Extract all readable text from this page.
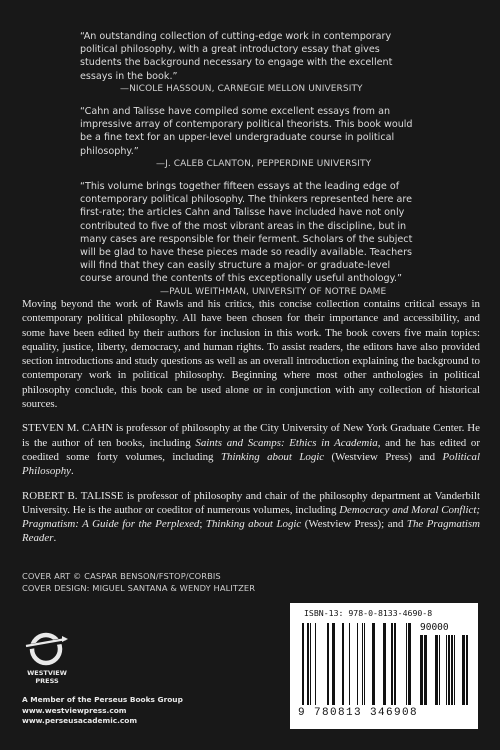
“An outstanding collection of cutting-edge work in contemporary political philosophy, with a great introductory essay that gives students the background necessary to engage with the excellent essays in the book.”
—NICOLE HASSOUN, CARNEGIE MELLON UNIVERSITY
“Cahn and Talisse have compiled some excellent essays from an impressive array of contemporary political theorists. This book would be a fine text for an upper-level undergraduate course in political philosophy.”
—J. CALEB CLANTON, PEPPERDINE UNIVERSITY
“This volume brings together fifteen essays at the leading edge of contemporary political philosophy. The thinkers represented here are first-rate; the articles Cahn and Talisse have included have not only contributed to five of the most vibrant areas in the discipline, but in many cases are responsible for their ferment. Scholars of the subject will be glad to have these pieces made so readily available. Teachers will find that they can easily structure a major- or graduate-level course around the contents of this exceptionally useful anthology.”
—PAUL WEITHMAN, UNIVERSITY OF NOTRE DAME

Moving beyond the work of Rawls and his critics, this concise collection contains critical essays in contemporary political philosophy. All have been chosen for their importance and accessibility, and some have been edited by their authors for inclusion in this work. The book covers five main topics: equality, justice, liberty, democracy, and human rights. To assist readers, the editors have also provided section introductions and study questions as well as an overall introduction explaining the background to contemporary work in political philosophy. Beginning where most other anthologies in political philosophy conclude, this book can be used alone or in conjunction with any collection of historical sources.

STEVEN M. CAHN is professor of philosophy at the City University of New York Graduate Center. He is the author of ten books, including Saints and Scamps: Ethics in Academia, and he has edited or coedited some forty volumes, including Thinking about Logic (Westview Press) and Political Philosophy.

ROBERT B. TALISSE is professor of philosophy and chair of the philosophy department at Vanderbilt University. He is the author or coeditor of numerous volumes, including Democracy and Moral Conflict; Pragmatism: A Guide for the Perplexed; Thinking about Logic (Westview Press); and The Pragmatism Reader.

COVER ART © CASPAR BENSON/FSTOP/CORBIS
COVER DESIGN: MIGUEL SANTANA & WENDY HALITZER
WESTVIEW
PRESS
A Member of the Perseus Books Group
www.westviewpress.com
www.perseusacademic.com
ISBN-13: 978-0-8133-4690-8
90000
9 780813 346908
